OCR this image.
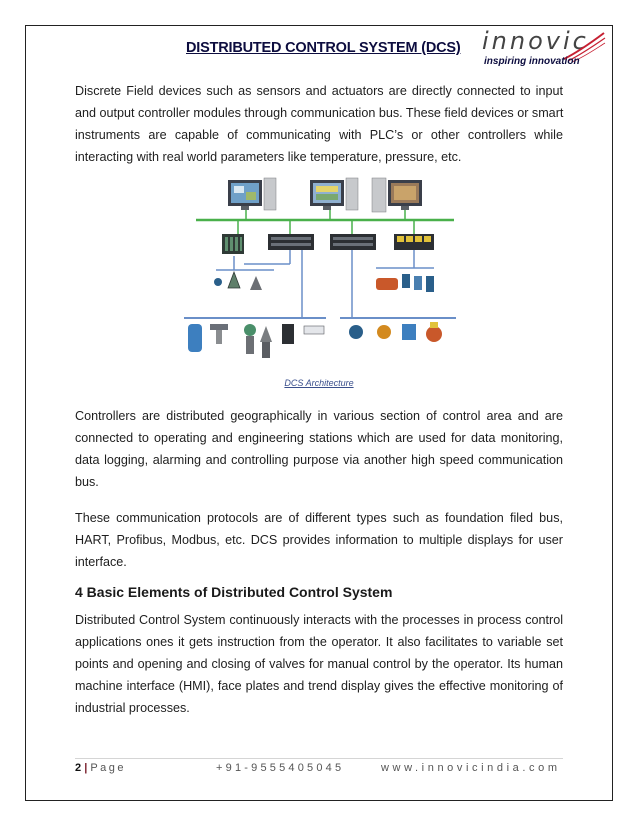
DISTRIBUTED CONTROL SYSTEM (DCS) innovic
inspiring innovation
Discrete Field devices such as sensors and actuators are directly connected to input
and output controller modules through communication bus. These field devices or smart
instruments are capable of communicating with PLC’s or other controllers while
interacting with real world parameters like temperature, pressure, etc.
DCS Architecture
Controllers are distributed geographically in various section of control area and are
connected to operating and engineering stations which are used for data monitoring,
data logging, alarming and controlling purpose via another high speed communication
bus.
These communication protocols are of different types such as foundation filed bus,
HART, Profibus, Modbus, etc. DCS provides information to multiple displays for user
interface.
4 Basic Elements of Distributed Control System
Distributed Control System continuously interacts with the processes in process control
applications ones it gets instruction from the operator. It also facilitates to variable set
points and opening and closing of valves for manual control by the operator. Its human
machine interface (HMI), face plates and trend display gives the effective monitoring of
industrial processes.
2 | Page	+91-9555405045	www.innovicindia.com
